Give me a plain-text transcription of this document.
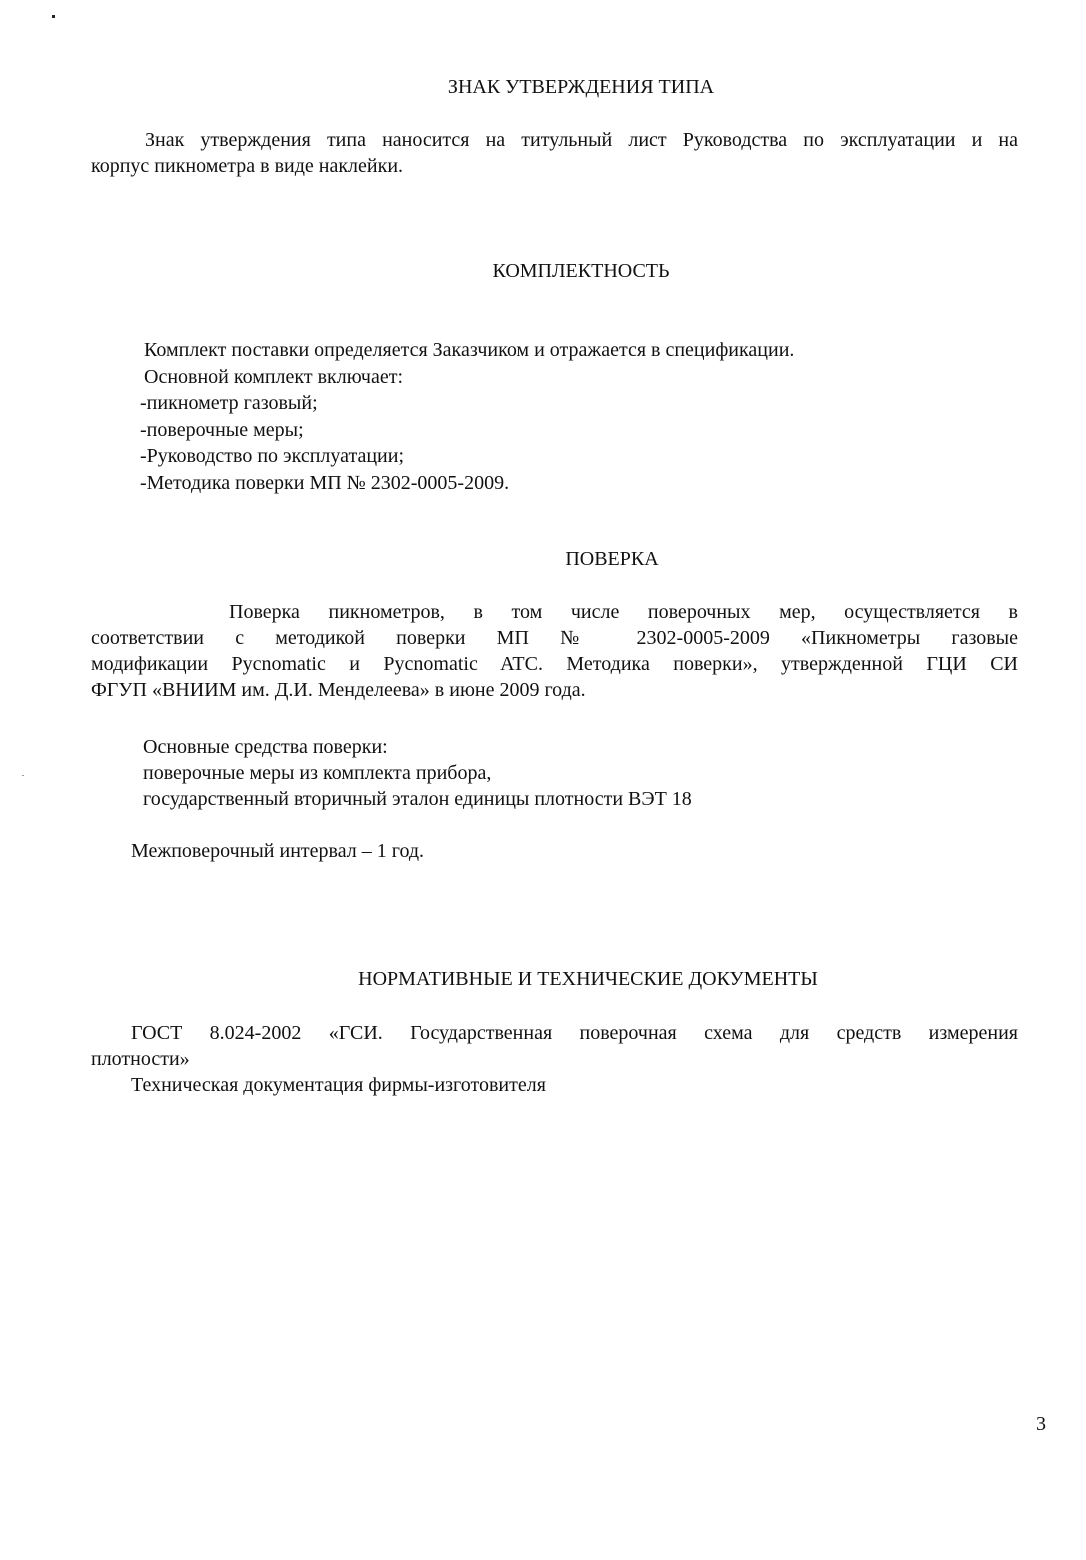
ЗНАК УТВЕРЖДЕНИЯ ТИПА
Знак утверждения типа наносится на титульный лист Руководства по эксплуатации и на
корпус пикнометра в виде наклейки.
КОМПЛЕКТНОСТЬ
Комплект поставки определяется Заказчиком и отражается в спецификации.
Основной комплект включает:
-пикнометр газовый;
-поверочные меры;
-Руководство по эксплуатации;
-Методика поверки МП № 2302-0005-2009.
ПОВЕРКА
Поверка пикнометров, в том числе поверочных мер, осуществляется в
соответствии с методикой поверки МП № 2302-0005-2009 «Пикнометры газовые
модификации Pycnomatic и Pycnomatic ATC. Методика поверки», утвержденной ГЦИ СИ
ФГУП «ВНИИМ им. Д.И. Менделеева» в июне 2009 года.
Основные средства поверки:
поверочные меры из комплекта прибора,
государственный вторичный эталон единицы плотности ВЭТ 18
Межповерочный интервал – 1 год.
НОРМАТИВНЫЕ И ТЕХНИЧЕСКИЕ ДОКУМЕНТЫ
ГОСТ 8.024-2002 «ГСИ. Государственная поверочная схема для средств измерения
плотности»
Техническая документация фирмы-изготовителя
3
